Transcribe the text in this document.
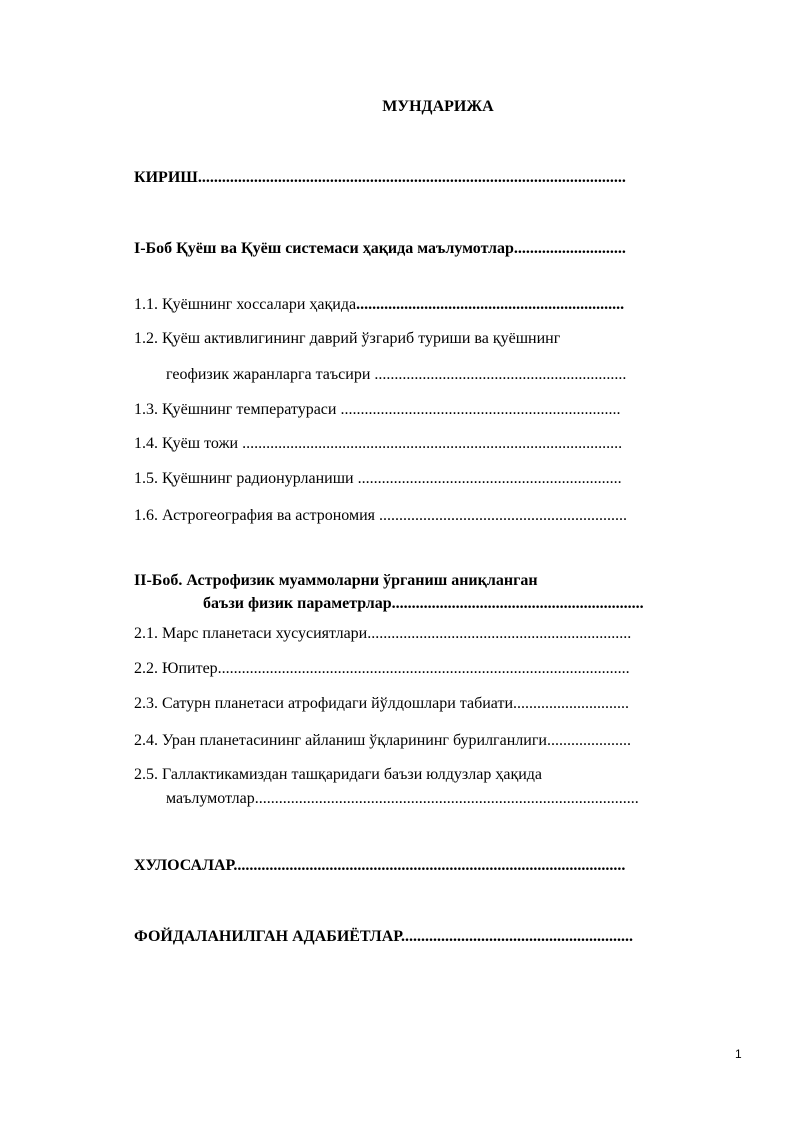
МУНДАРИЖА
КИРИШ...........................................................................................................
I-Боб Қуёш ва Қуёш системаси ҳақида маълумотлар............................
1.1. Қуёшнинг хоссалари ҳақида...................................................................
1.2. Қуёш активлигининг даврий ўзгариб туриши ва қуёшнинг
геофизик жаранларга таъсири ...............................................................
1.3. Қуёшнинг температураси ......................................................................
1.4. Қуёш тожи ...............................................................................................
1.5. Қуёшнинг радионурланиши ..................................................................
1.6. Астрогеография ва астрономия ..............................................................
II-Боб. Астрофизик муаммоларни ўрганиш аниқланган
баъзи физик параметрлар...............................................................
2.1. Марс планетаси хусусиятлари..................................................................
2.2. Юпитер.......................................................................................................
2.3. Сатурн планетаси атрофидаги йўлдошлари табиати.............................
2.4. Уран планетасининг айланиш ўқларининг бурилганлиги.....................
2.5. Галлактикамиздан ташқаридаги баъзи юлдузлар ҳақида
маълумотлар................................................................................................
ХУЛОСАЛАР..................................................................................................
ФОЙДАЛАНИЛГАН АДАБИЁТЛАР..........................................................
1
